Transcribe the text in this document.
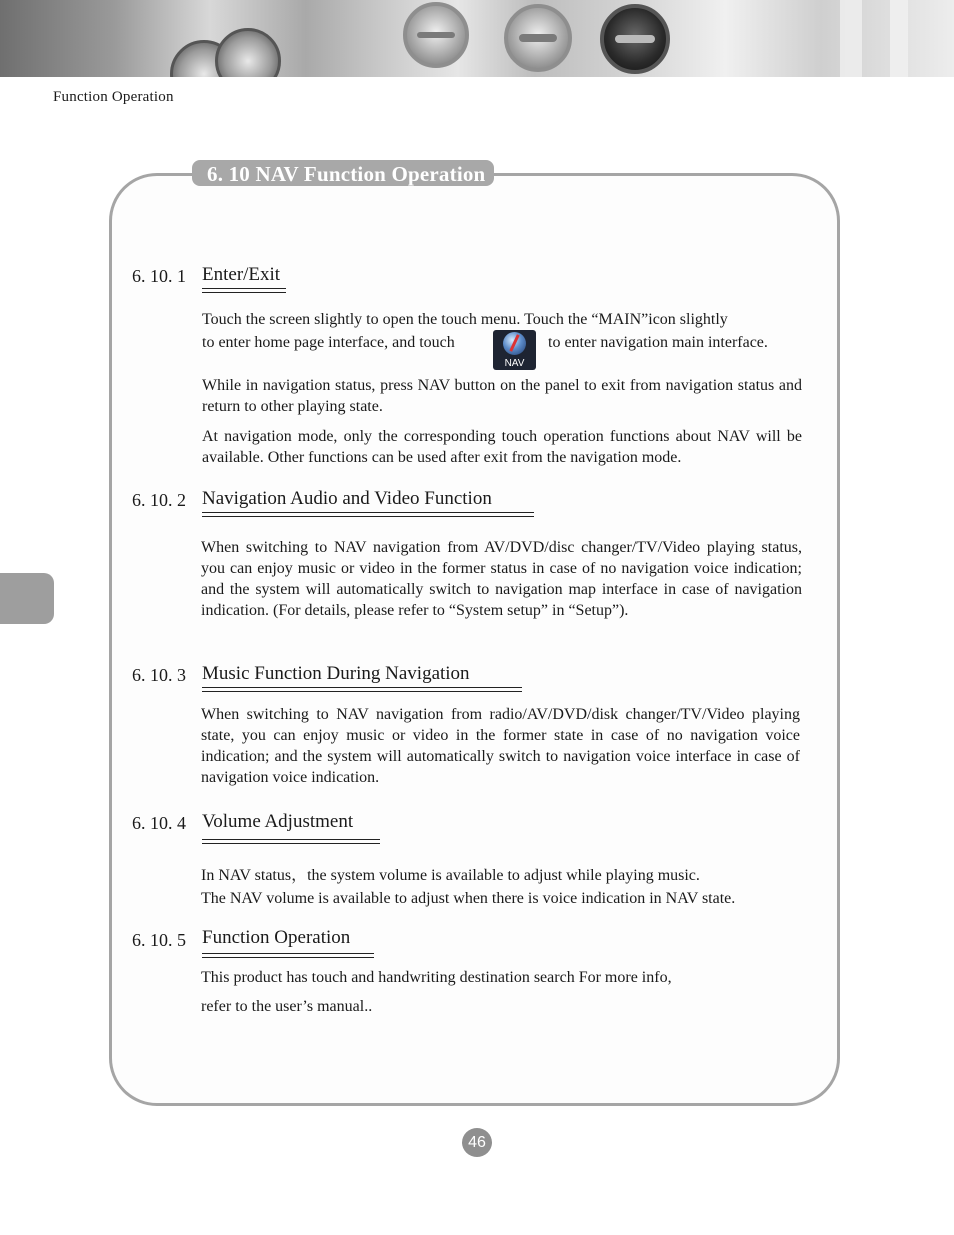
Function Operation
6. 10 NAV Function Operation
6. 10. 1 Enter/Exit
Touch the screen slightly to open the touch menu. Touch the “MAIN”icon slightly
to enter home page interface, and touch
NAV
to enter navigation main interface.
While in navigation status, press NAV button on the panel to exit from navigation status and return to other playing state.
At navigation mode, only the corresponding touch operation functions about NAV will be available. Other functions can be used after exit from the navigation mode.
6. 10. 2 Navigation Audio and Video Function
When switching to NAV navigation from AV/DVD/disc changer/TV/Video playing status, you can enjoy music or video in the former status in case of no navigation voice indication; and the system will automatically switch to navigation map interface in case of navigation indication. (For details, please refer to “System setup” in “Setup”).
6. 10. 3 Music Function During Navigation
When switching to NAV navigation from radio/AV/DVD/disk changer/TV/Video playing state, you can enjoy music or video in the former state in case of no navigation voice indication; and the system will automatically switch to navigation voice interface in case of navigation voice indication.
6. 10. 4 Volume Adjustment
In NAV status，the system volume is available to adjust while playing music.
The NAV volume is available to adjust when there is voice indication in NAV state.
6. 10. 5 Function Operation
This product has touch and handwriting destination search For more info,
refer to the user’s manual..
46
